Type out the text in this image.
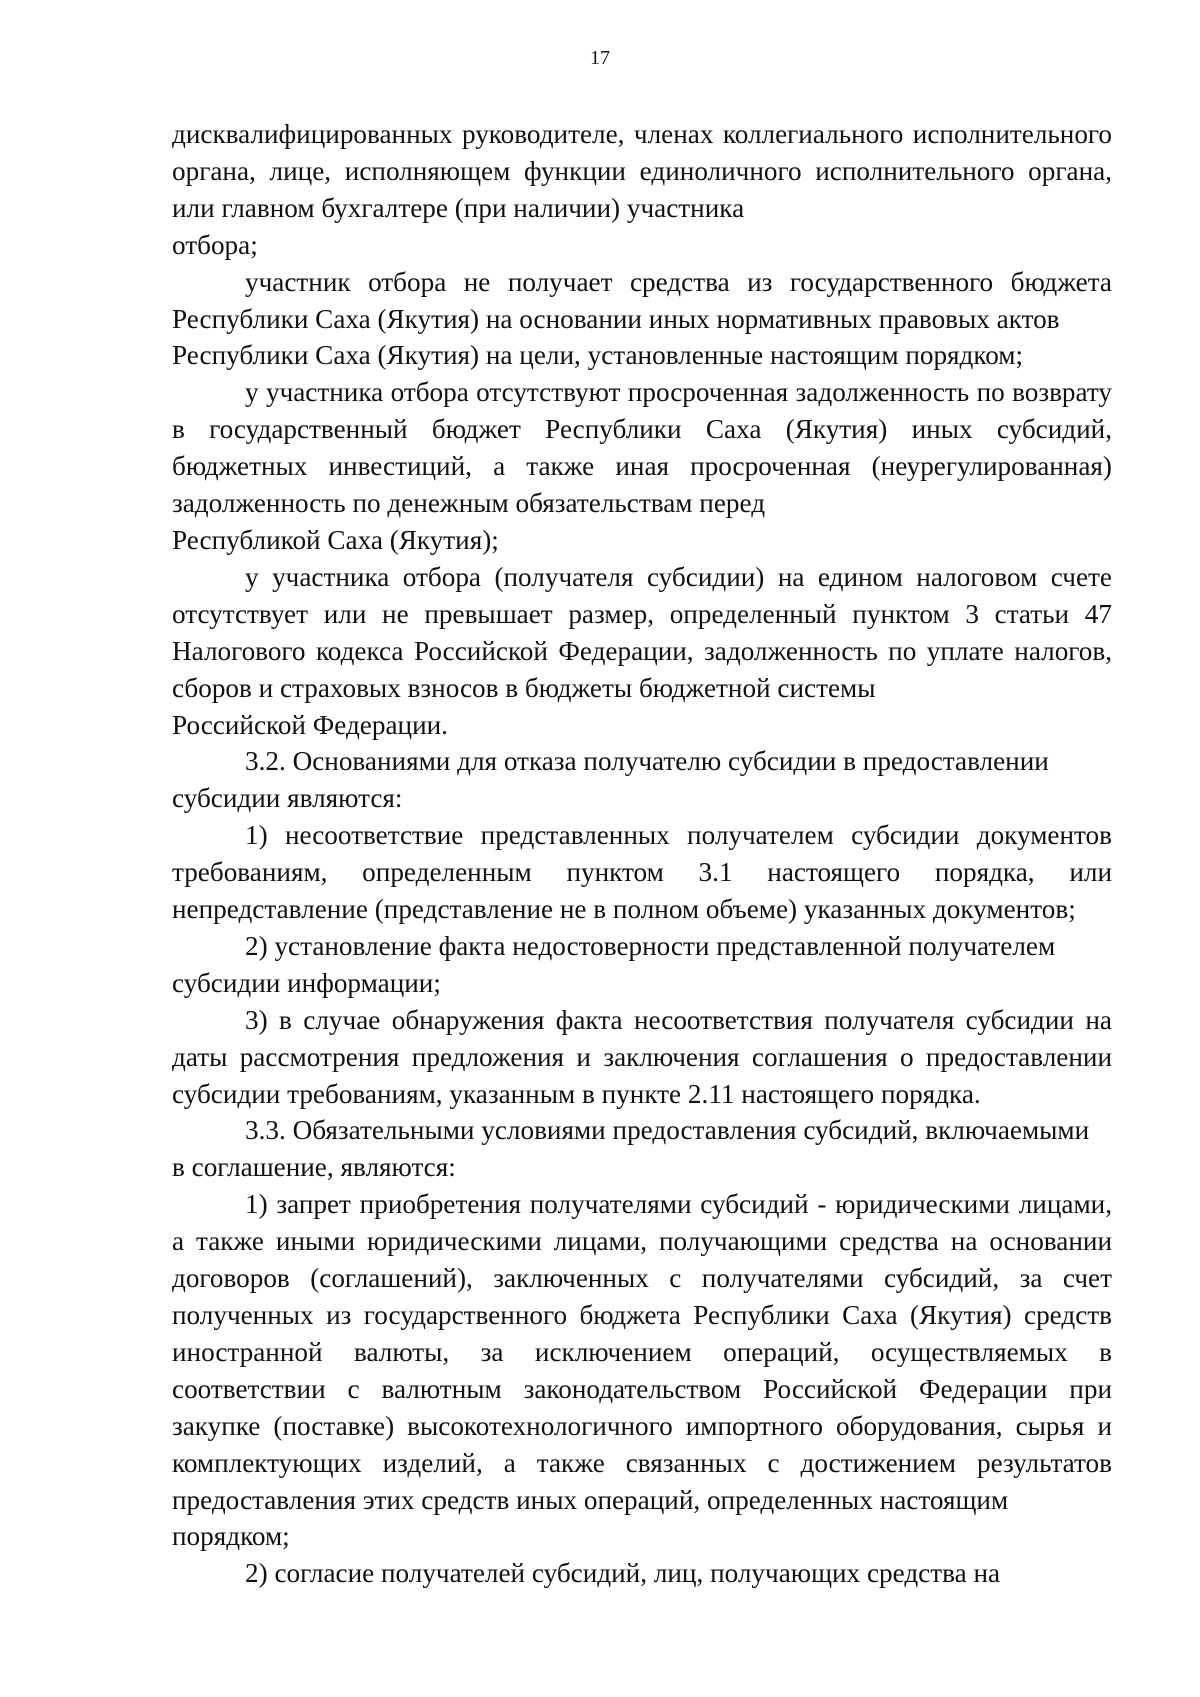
17

дисквалифицированных руководителе, членах коллегиального исполнительного органа, лице, исполняющем функции единоличного исполнительного органа, или главном бухгалтере (при наличии) участника
отбора;

участник отбора не получает средства из государственного бюджета Республики Саха (Якутия) на основании иных нормативных правовых актов
Республики Саха (Якутия) на цели, установленные настоящим порядком;

у участника отбора отсутствуют просроченная задолженность по возврату в государственный бюджет Республики Саха (Якутия) иных субсидий, бюджетных инвестиций, а также иная просроченная (неурегулированная) задолженность по денежным обязательствам перед
Республикой Саха (Якутия);

у участника отбора (получателя субсидии) на едином налоговом счете отсутствует или не превышает размер, определенный пунктом 3 статьи 47 Налогового кодекса Российской Федерации, задолженность по уплате налогов, сборов и страховых взносов в бюджеты бюджетной системы
Российской Федерации.

3.2. Основаниями для отказа получателю субсидии в предоставлении
субсидии являются:

1) несоответствие представленных получателем субсидии документов требованиям, определенным пунктом 3.1 настоящего порядка, или непредставление (представление не в полном объеме) указанных документов;

2) установление факта недостоверности представленной получателем
субсидии информации;

3) в случае обнаружения факта несоответствия получателя субсидии на даты рассмотрения предложения и заключения соглашения о предоставлении субсидии требованиям, указанным в пункте 2.11 настоящего порядка.

3.3. Обязательными условиями предоставления субсидий, включаемыми
в соглашение, являются:

1) запрет приобретения получателями субсидий - юридическими лицами, а также иными юридическими лицами, получающими средства на основании договоров (соглашений), заключенных с получателями субсидий, за счет полученных из государственного бюджета Республики Саха (Якутия) средств иностранной валюты, за исключением операций, осуществляемых в соответствии с валютным законодательством Российской Федерации при закупке (поставке) высокотехнологичного импортного оборудования, сырья и комплектующих изделий, а также связанных с достижением результатов предоставления этих средств иных операций, определенных настоящим
порядком;

2) согласие получателей субсидий, лиц, получающих средства на
